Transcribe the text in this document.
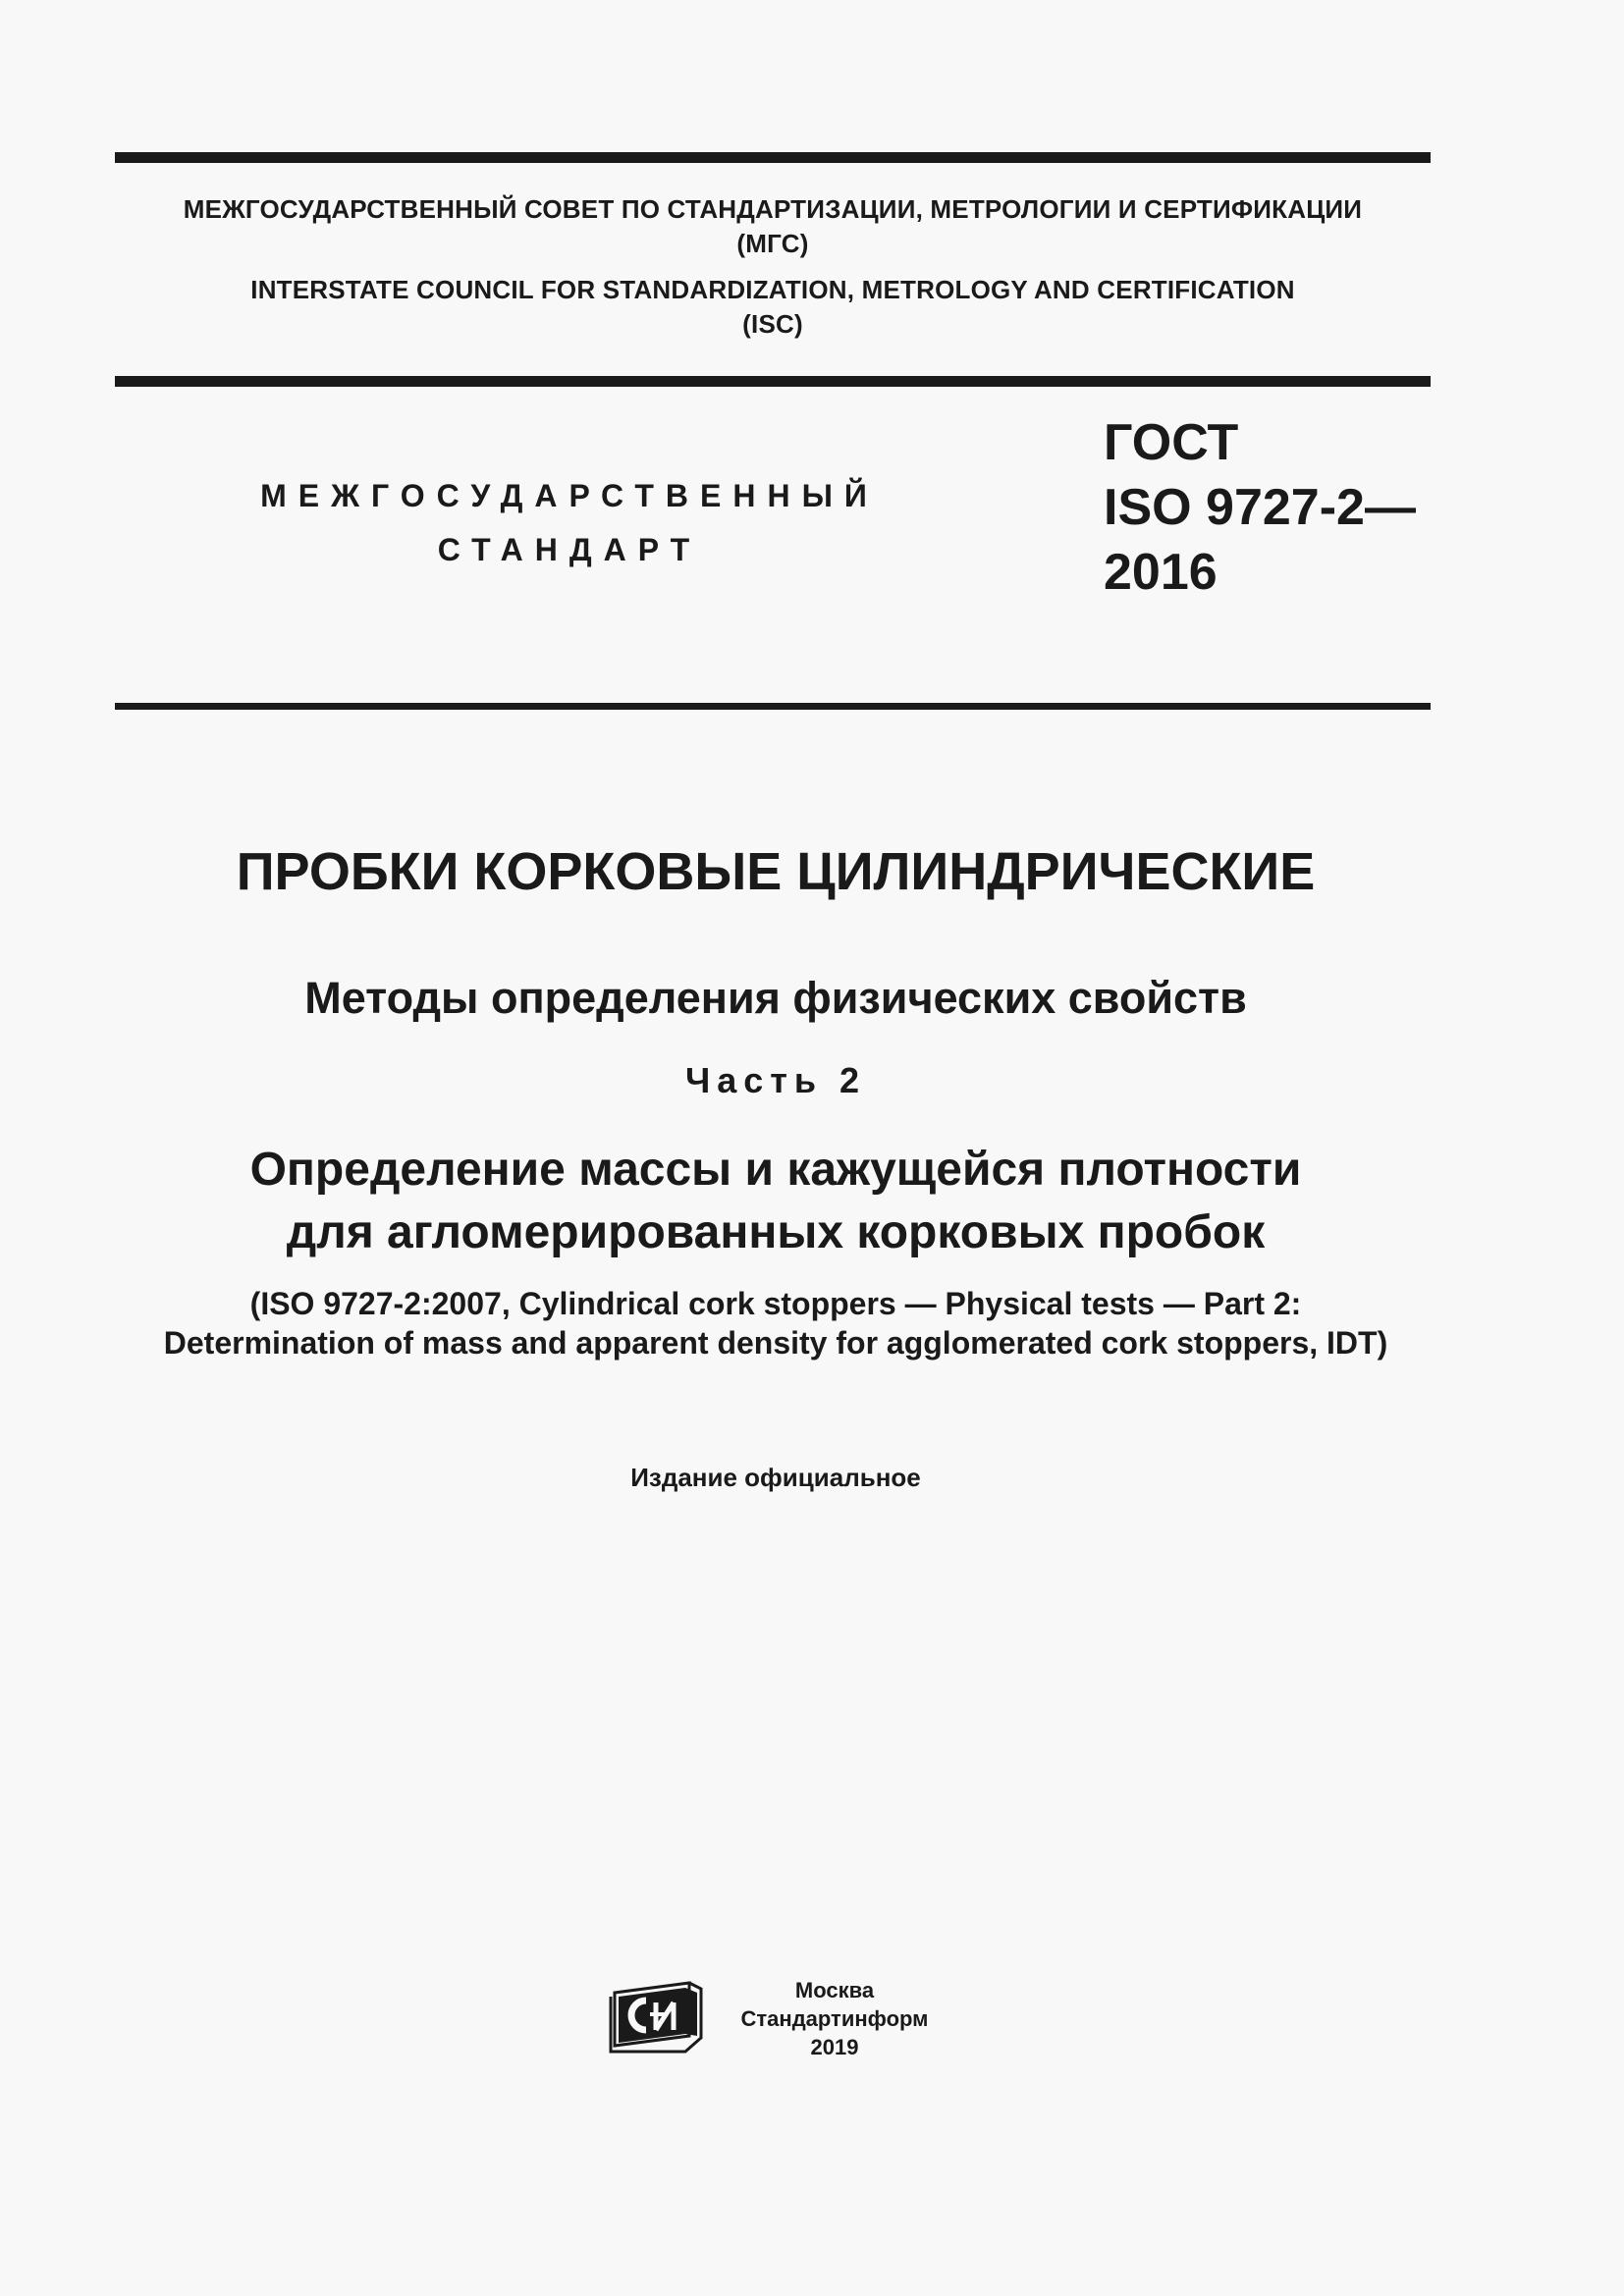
МЕЖГОСУДАРСТВЕННЫЙ СОВЕТ ПО СТАНДАРТИЗАЦИИ, МЕТРОЛОГИИ И СЕРТИФИКАЦИИ
(МГС)
INTERSTATE COUNCIL FOR STANDARDIZATION, METROLOGY AND CERTIFICATION
(ISC)
МЕЖГОСУДАРСТВЕННЫЙ
СТАНДАРТ
ГОСТ
ISO 9727-2—
2016
ПРОБКИ КОРКОВЫЕ ЦИЛИНДРИЧЕСКИЕ
Методы определения физических свойств
Часть 2
Определение массы и кажущейся плотности
для агломерированных корковых пробок
(ISO 9727-2:2007, Cylindrical cork stoppers — Physical tests — Part 2:
Determination of mass and apparent density for agglomerated cork stoppers, IDT)
Издание официальное
Москва
Стандартинформ
2019
